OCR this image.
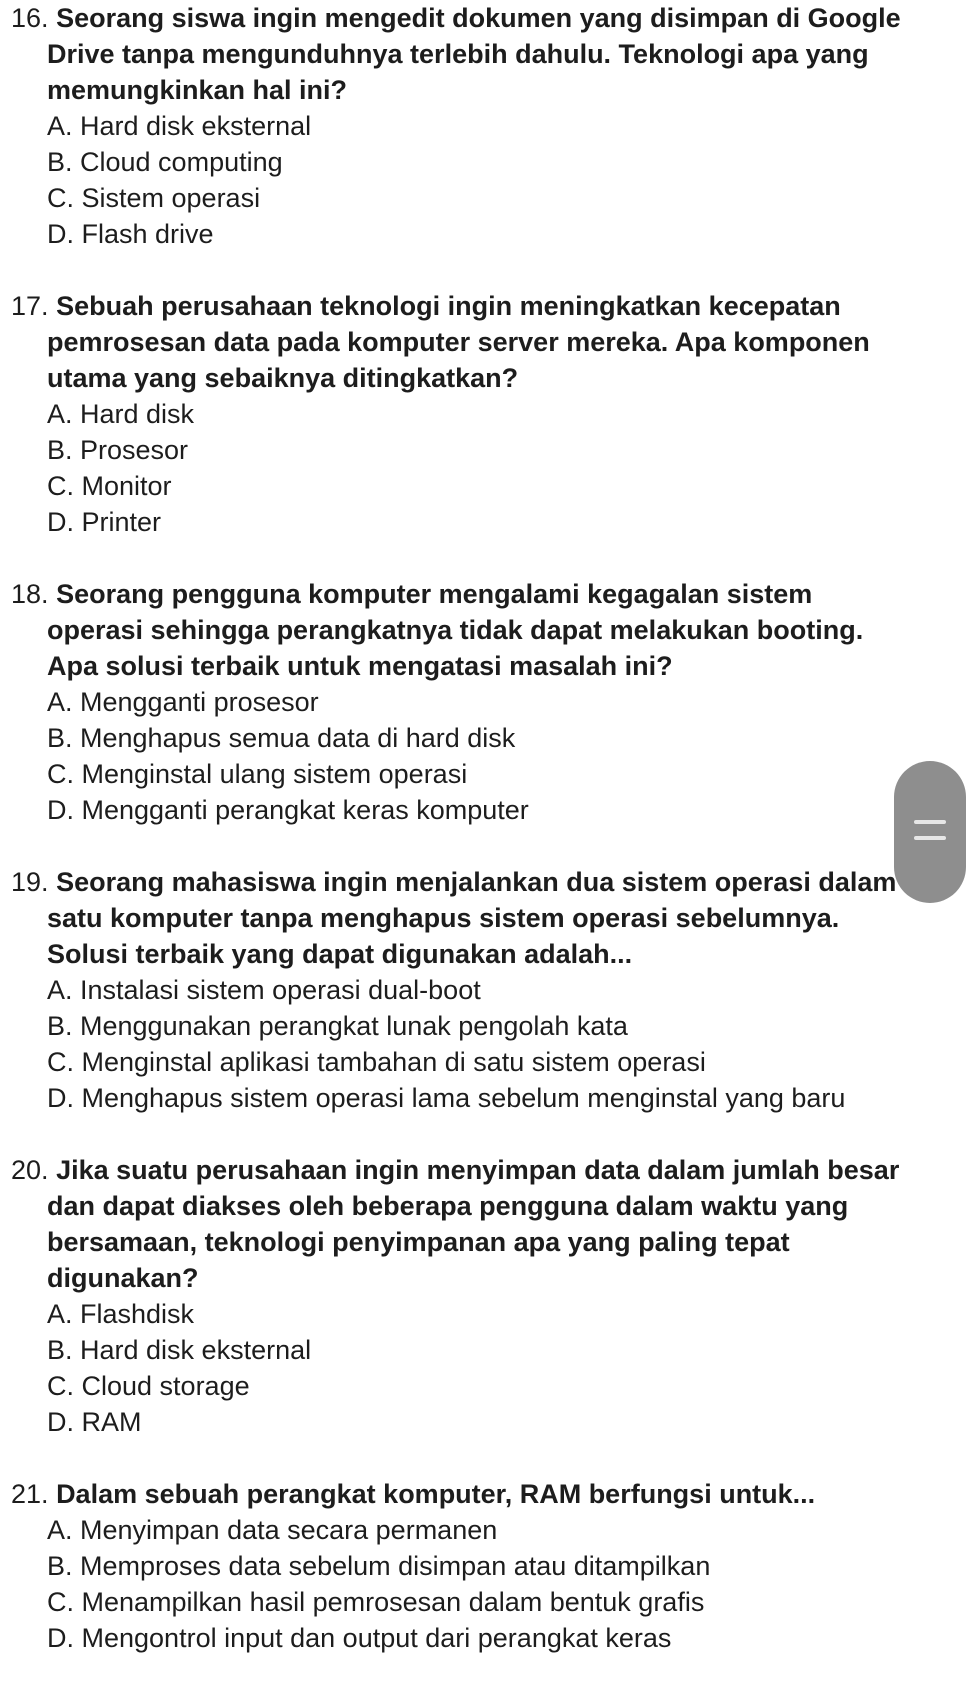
16. Seorang siswa ingin mengedit dokumen yang disimpan di Google Drive tanpa mengunduhnya terlebih dahulu. Teknologi apa yang memungkinkan hal ini?
A. Hard disk eksternal
B. Cloud computing
C. Sistem operasi
D. Flash drive
17. Sebuah perusahaan teknologi ingin meningkatkan kecepatan pemrosesan data pada komputer server mereka. Apa komponen utama yang sebaiknya ditingkatkan?
A. Hard disk
B. Prosesor
C. Monitor
D. Printer
18. Seorang pengguna komputer mengalami kegagalan sistem operasi sehingga perangkatnya tidak dapat melakukan booting. Apa solusi terbaik untuk mengatasi masalah ini?
A. Mengganti prosesor
B. Menghapus semua data di hard disk
C. Menginstal ulang sistem operasi
D. Mengganti perangkat keras komputer
19. Seorang mahasiswa ingin menjalankan dua sistem operasi dalam satu komputer tanpa menghapus sistem operasi sebelumnya. Solusi terbaik yang dapat digunakan adalah...
A. Instalasi sistem operasi dual-boot
B. Menggunakan perangkat lunak pengolah kata
C. Menginstal aplikasi tambahan di satu sistem operasi
D. Menghapus sistem operasi lama sebelum menginstal yang baru
20. Jika suatu perusahaan ingin menyimpan data dalam jumlah besar dan dapat diakses oleh beberapa pengguna dalam waktu yang bersamaan, teknologi penyimpanan apa yang paling tepat digunakan?
A. Flashdisk
B. Hard disk eksternal
C. Cloud storage
D. RAM
21. Dalam sebuah perangkat komputer, RAM berfungsi untuk...
A. Menyimpan data secara permanen
B. Memproses data sebelum disimpan atau ditampilkan
C. Menampilkan hasil pemrosesan dalam bentuk grafis
D. Mengontrol input dan output dari perangkat keras
